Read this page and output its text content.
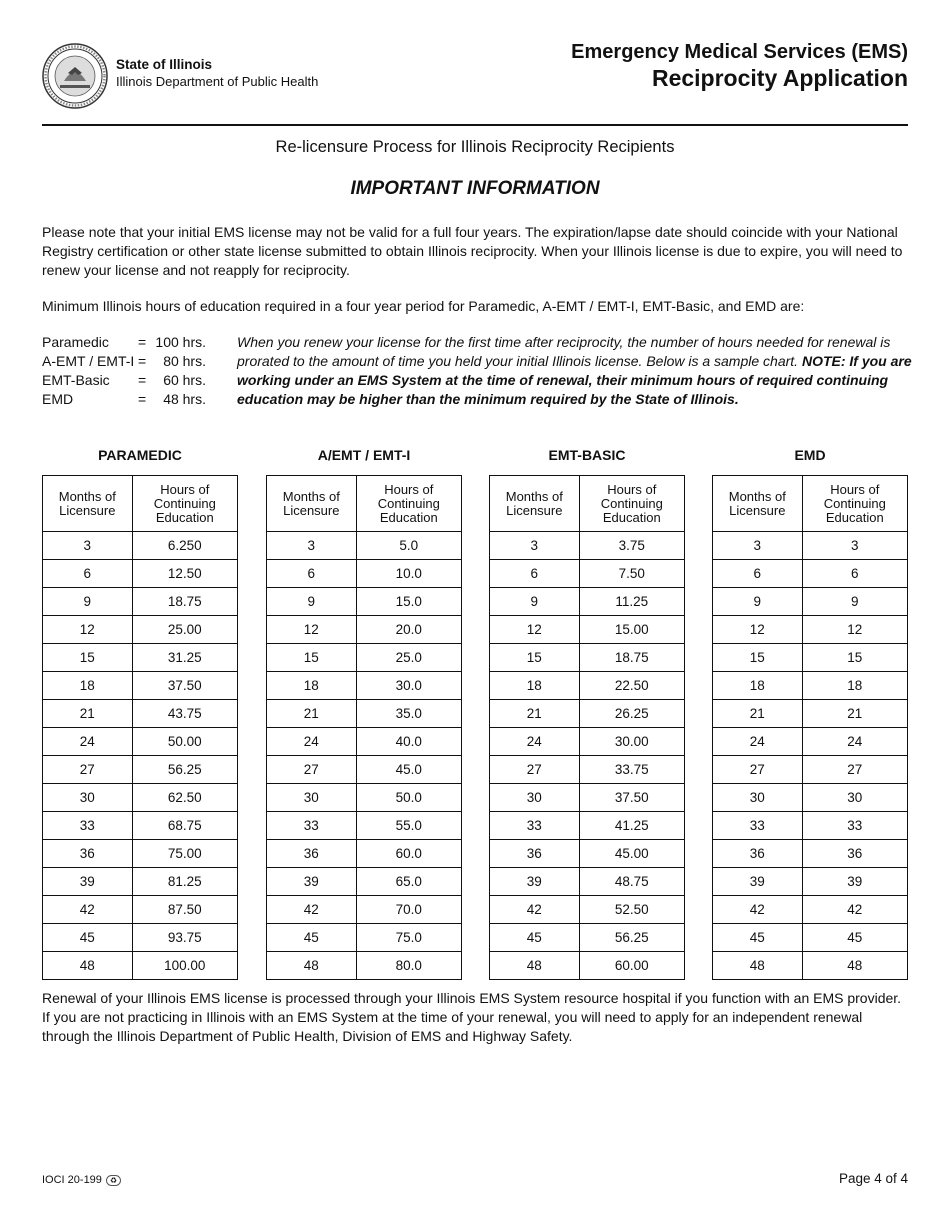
State of Illinois
Illinois Department of Public Health
Emergency Medical Services (EMS)
Reciprocity Application
Re-licensure Process for Illinois Reciprocity Recipients
IMPORTANT INFORMATION
Please note that your initial EMS license may not be valid for a full four years. The expiration/lapse date should coincide with your National Registry certification or other state license submitted to obtain Illinois reciprocity. When your Illinois license is due to expire, you will need to renew your license and not reapply for reciprocity.
Minimum Illinois hours of education required in a four year period for Paramedic, A-EMT / EMT-I, EMT-Basic, and EMD are:
Paramedic	= 100 hrs.
A-EMT / EMT-I =	80 hrs.
EMT-Basic	=	60 hrs.
EMD	=	48 hrs.
When you renew your license for the first time after reciprocity, the number of hours needed for renewal is prorated to the amount of time you held your initial Illinois license. Below is a sample chart. NOTE: If you are working under an EMS System at the time of renewal, their minimum hours of required continuing education may be higher than the minimum required by the State of Illinois.
PARAMEDIC
Months of Licensure	Hours of Continuing Education
3	6.250
6	12.50
9	18.75
12	25.00
15	31.25
18	37.50
21	43.75
24	50.00
27	56.25
30	62.50
33	68.75
36	75.00
39	81.25
42	87.50
45	93.75
48	100.00
A/EMT / EMT-I
Months of Licensure	Hours of Continuing Education
3	5.0
6	10.0
9	15.0
12	20.0
15	25.0
18	30.0
21	35.0
24	40.0
27	45.0
30	50.0
33	55.0
36	60.0
39	65.0
42	70.0
45	75.0
48	80.0
EMT-BASIC
Months of Licensure	Hours of Continuing Education
3	3.75
6	7.50
9	11.25
12	15.00
15	18.75
18	22.50
21	26.25
24	30.00
27	33.75
30	37.50
33	41.25
36	45.00
39	48.75
42	52.50
45	56.25
48	60.00
EMD
Months of Licensure	Hours of Continuing Education
3	3
6	6
9	9
12	12
15	15
18	18
21	21
24	24
27	27
30	30
33	33
36	36
39	39
42	42
45	45
48	48
Renewal of your Illinois EMS license is processed through your Illinois EMS System resource hospital if you function with an EMS provider. If you are not practicing in Illinois with an EMS System at the time of your renewal, you will need to apply for an independent renewal through the Illinois Department of Public Health, Division of EMS and Highway Safety.
IOCI 20-199	♻	Page 4 of 4
